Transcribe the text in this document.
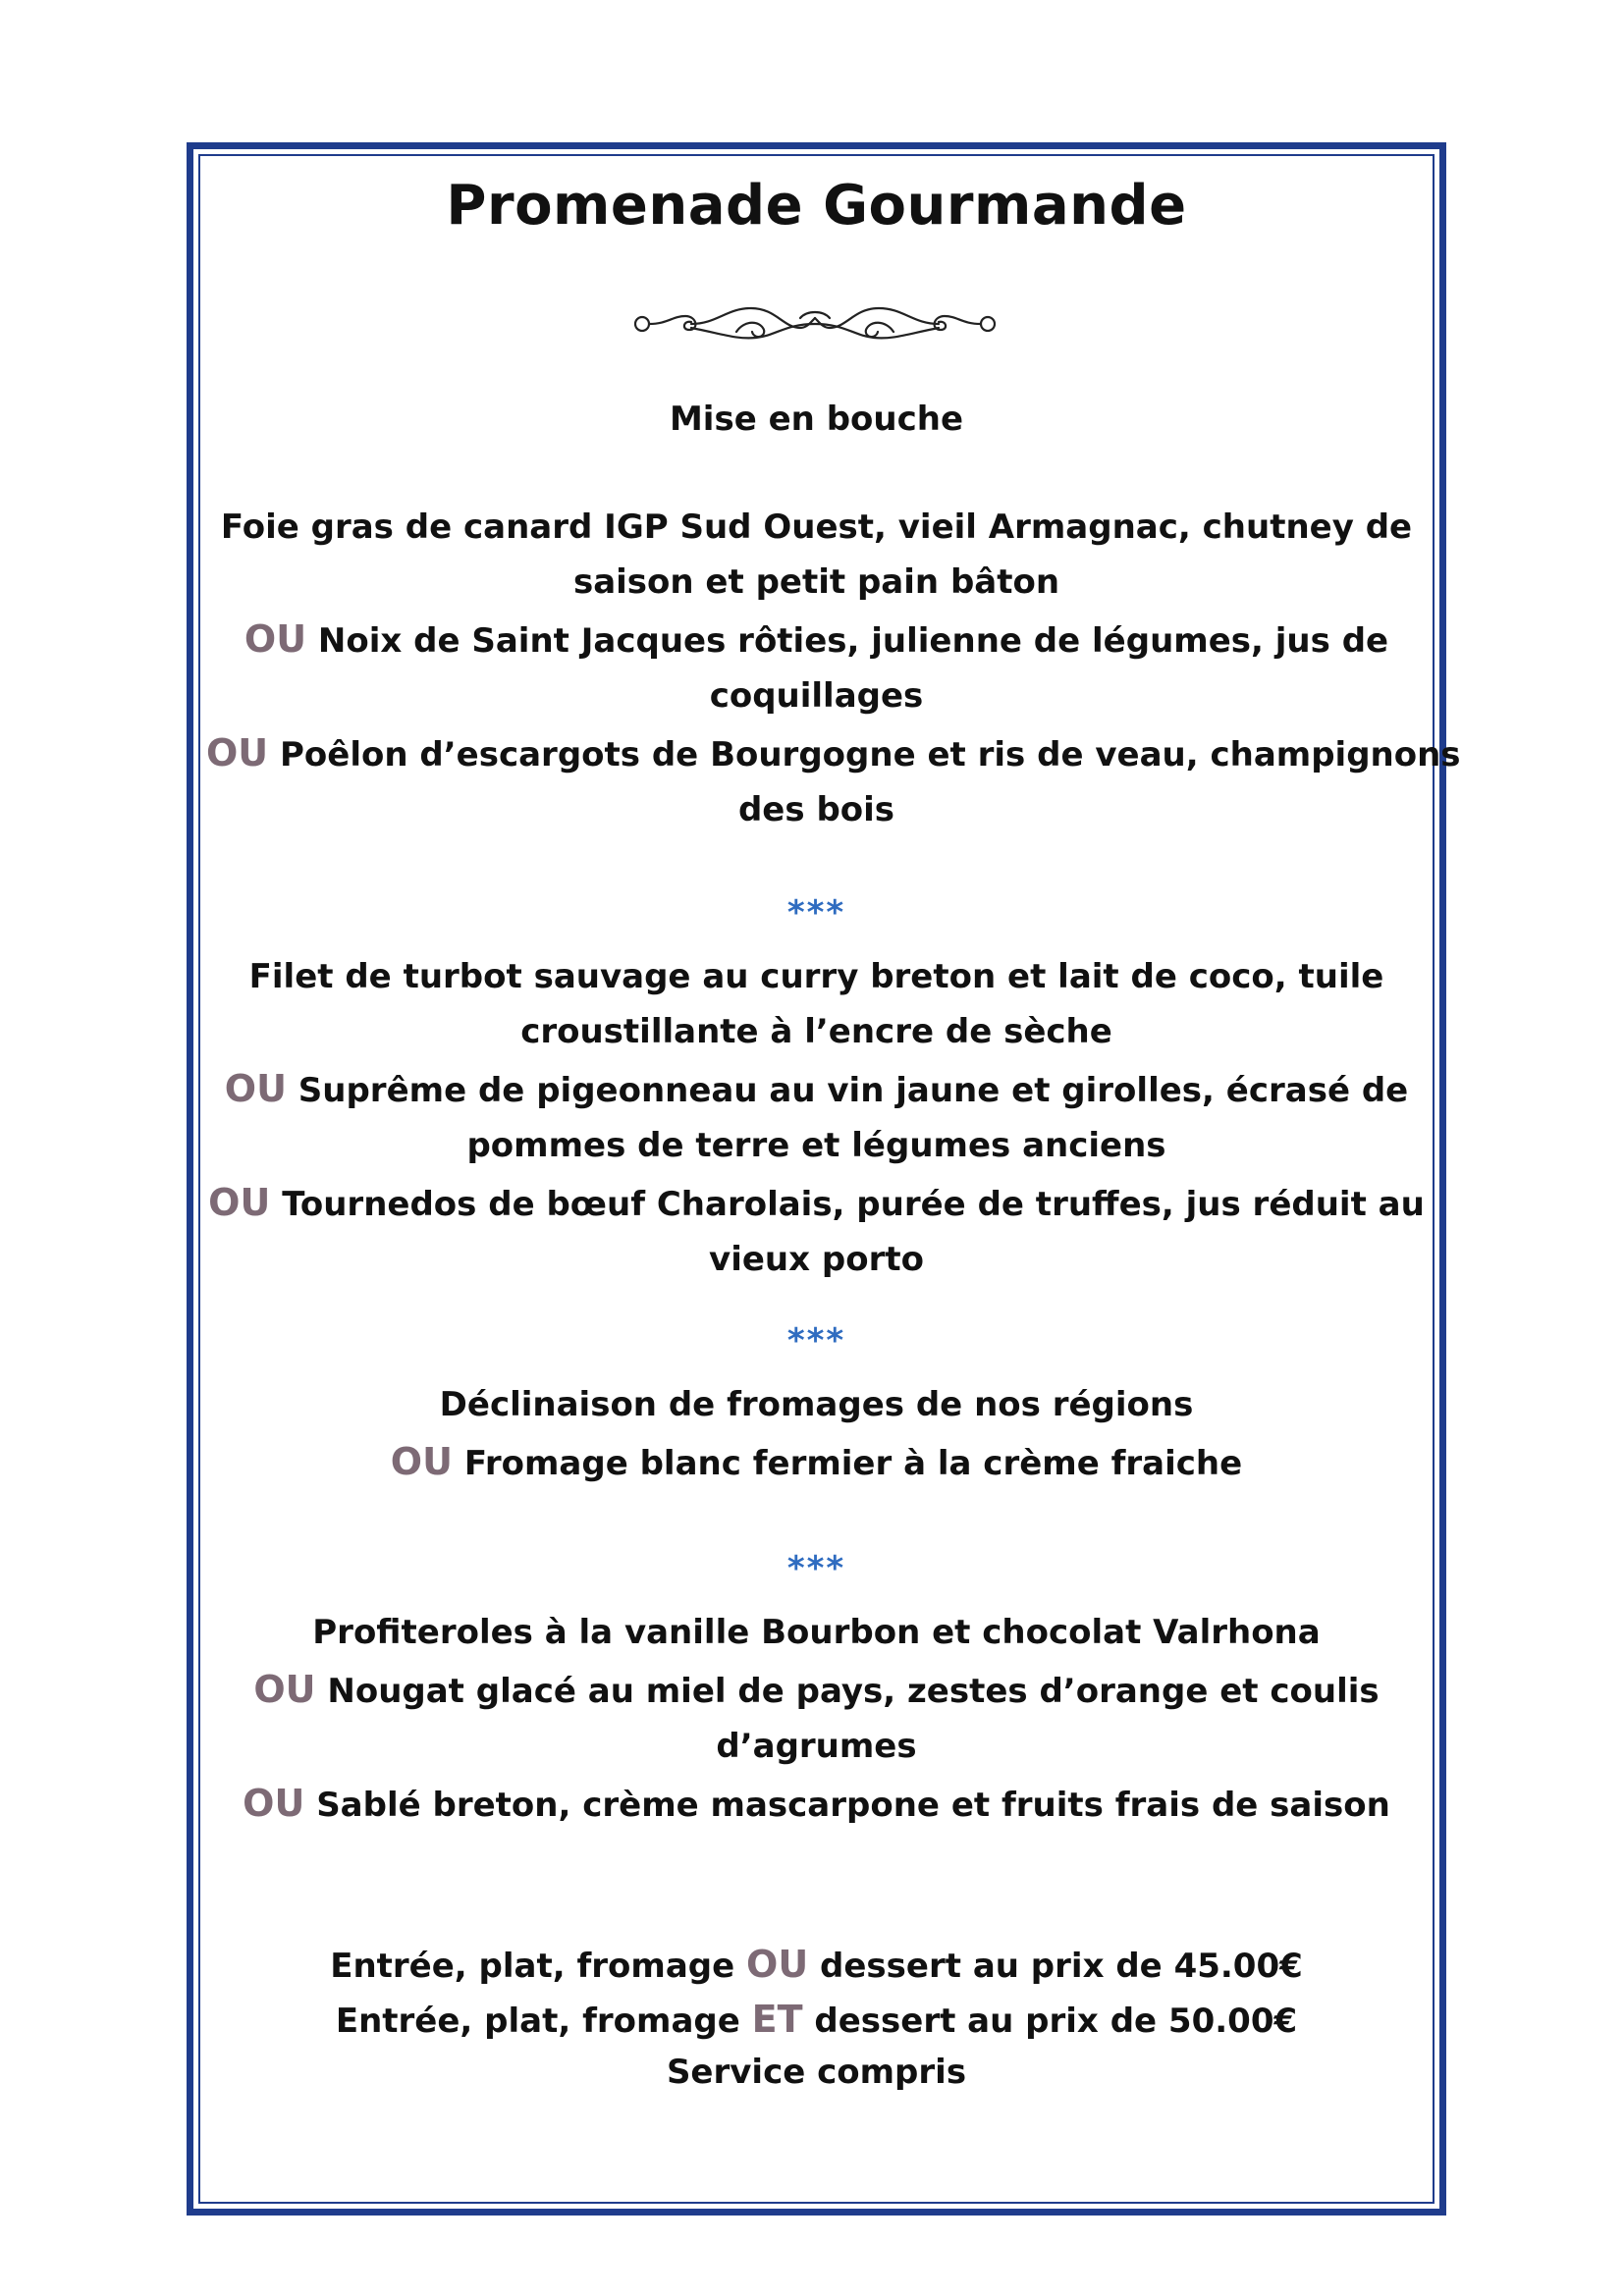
Promenade Gourmande
Mise en bouche
Foie gras de canard IGP Sud Ouest, vieil Armagnac, chutney de
saison et petit pain bâton
OU Noix de Saint Jacques rôties, julienne de légumes, jus de
coquillages
OU Poêlon d’escargots de Bourgogne et ris de veau, champignons
des bois
***
Filet de turbot sauvage au curry breton et lait de coco, tuile
croustillante à l’encre de sèche
OU Suprême de pigeonneau au vin jaune et girolles, écrasé de
pommes de terre et légumes anciens
OU Tournedos de bœuf Charolais, purée de truffes, jus réduit au
vieux porto
***
Déclinaison de fromages de nos régions
OU Fromage blanc fermier à la crème fraiche
***
Profiteroles à la vanille Bourbon et chocolat Valrhona
OU Nougat glacé au miel de pays, zestes d’orange et coulis
d’agrumes
OU Sablé breton, crème mascarpone et fruits frais de saison
Entrée, plat, fromage OU dessert au prix de 45.00€
Entrée, plat, fromage ET dessert au prix de 50.00€
Service compris
